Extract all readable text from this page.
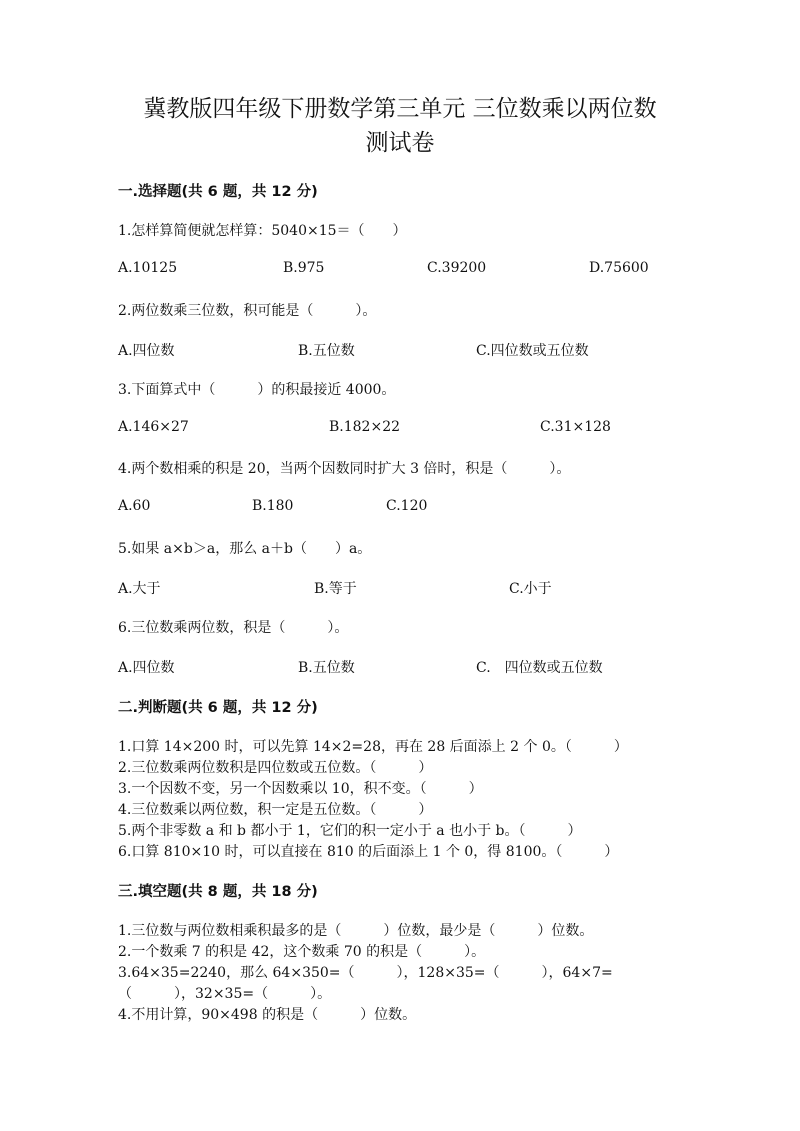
冀教版四年级下册数学第三单元 三位数乘以两位数
测试卷
一.选择题(共 6 题，共 12 分)
1.怎样算简便就怎样算：5040×15＝（　　）
A.10125	B.975	C.39200	D.75600
2.两位数乘三位数，积可能是（　　　）。
A.四位数	B.五位数	C.四位数或五位数
3.下面算式中（　　　）的积最接近 4000。
A.146×27	B.182×22	C.31×128
4.两个数相乘的积是 20，当两个因数同时扩大 3 倍时，积是（　　　）。
A.60	B.180	C.120
5.如果 a×b＞a，那么 a＋b（　　）a。
A.大于	B.等于	C.小于
6.三位数乘两位数，积是（　　　）。
A.四位数	B.五位数	C.　四位数或五位数
二.判断题(共 6 题，共 12 分)
1.口算 14×200 时，可以先算 14×2=28，再在 28 后面添上 2 个 0。（　　　）
2.三位数乘两位数积是四位数或五位数。（　　　）
3.一个因数不变，另一个因数乘以 10，积不变。（　　　）
4.三位数乘以两位数，积一定是五位数。（　　　）
5.两个非零数 a 和 b 都小于 1，它们的积一定小于 a 也小于 b。（　　　）
6.口算 810×10 时，可以直接在 810 的后面添上 1 个 0，得 8100。（　　　）
三.填空题(共 8 题，共 18 分)
1.三位数与两位数相乘积最多的是（　　　）位数，最少是（　　　）位数。
2.一个数乘 7 的积是 42，这个数乘 70 的积是（　　　）。
3.64×35=2240，那么 64×350=（　　　），128×35=（　　　），64×7=
（　　　），32×35=（　　　）。
4.不用计算，90×498 的积是（　　　）位数。
